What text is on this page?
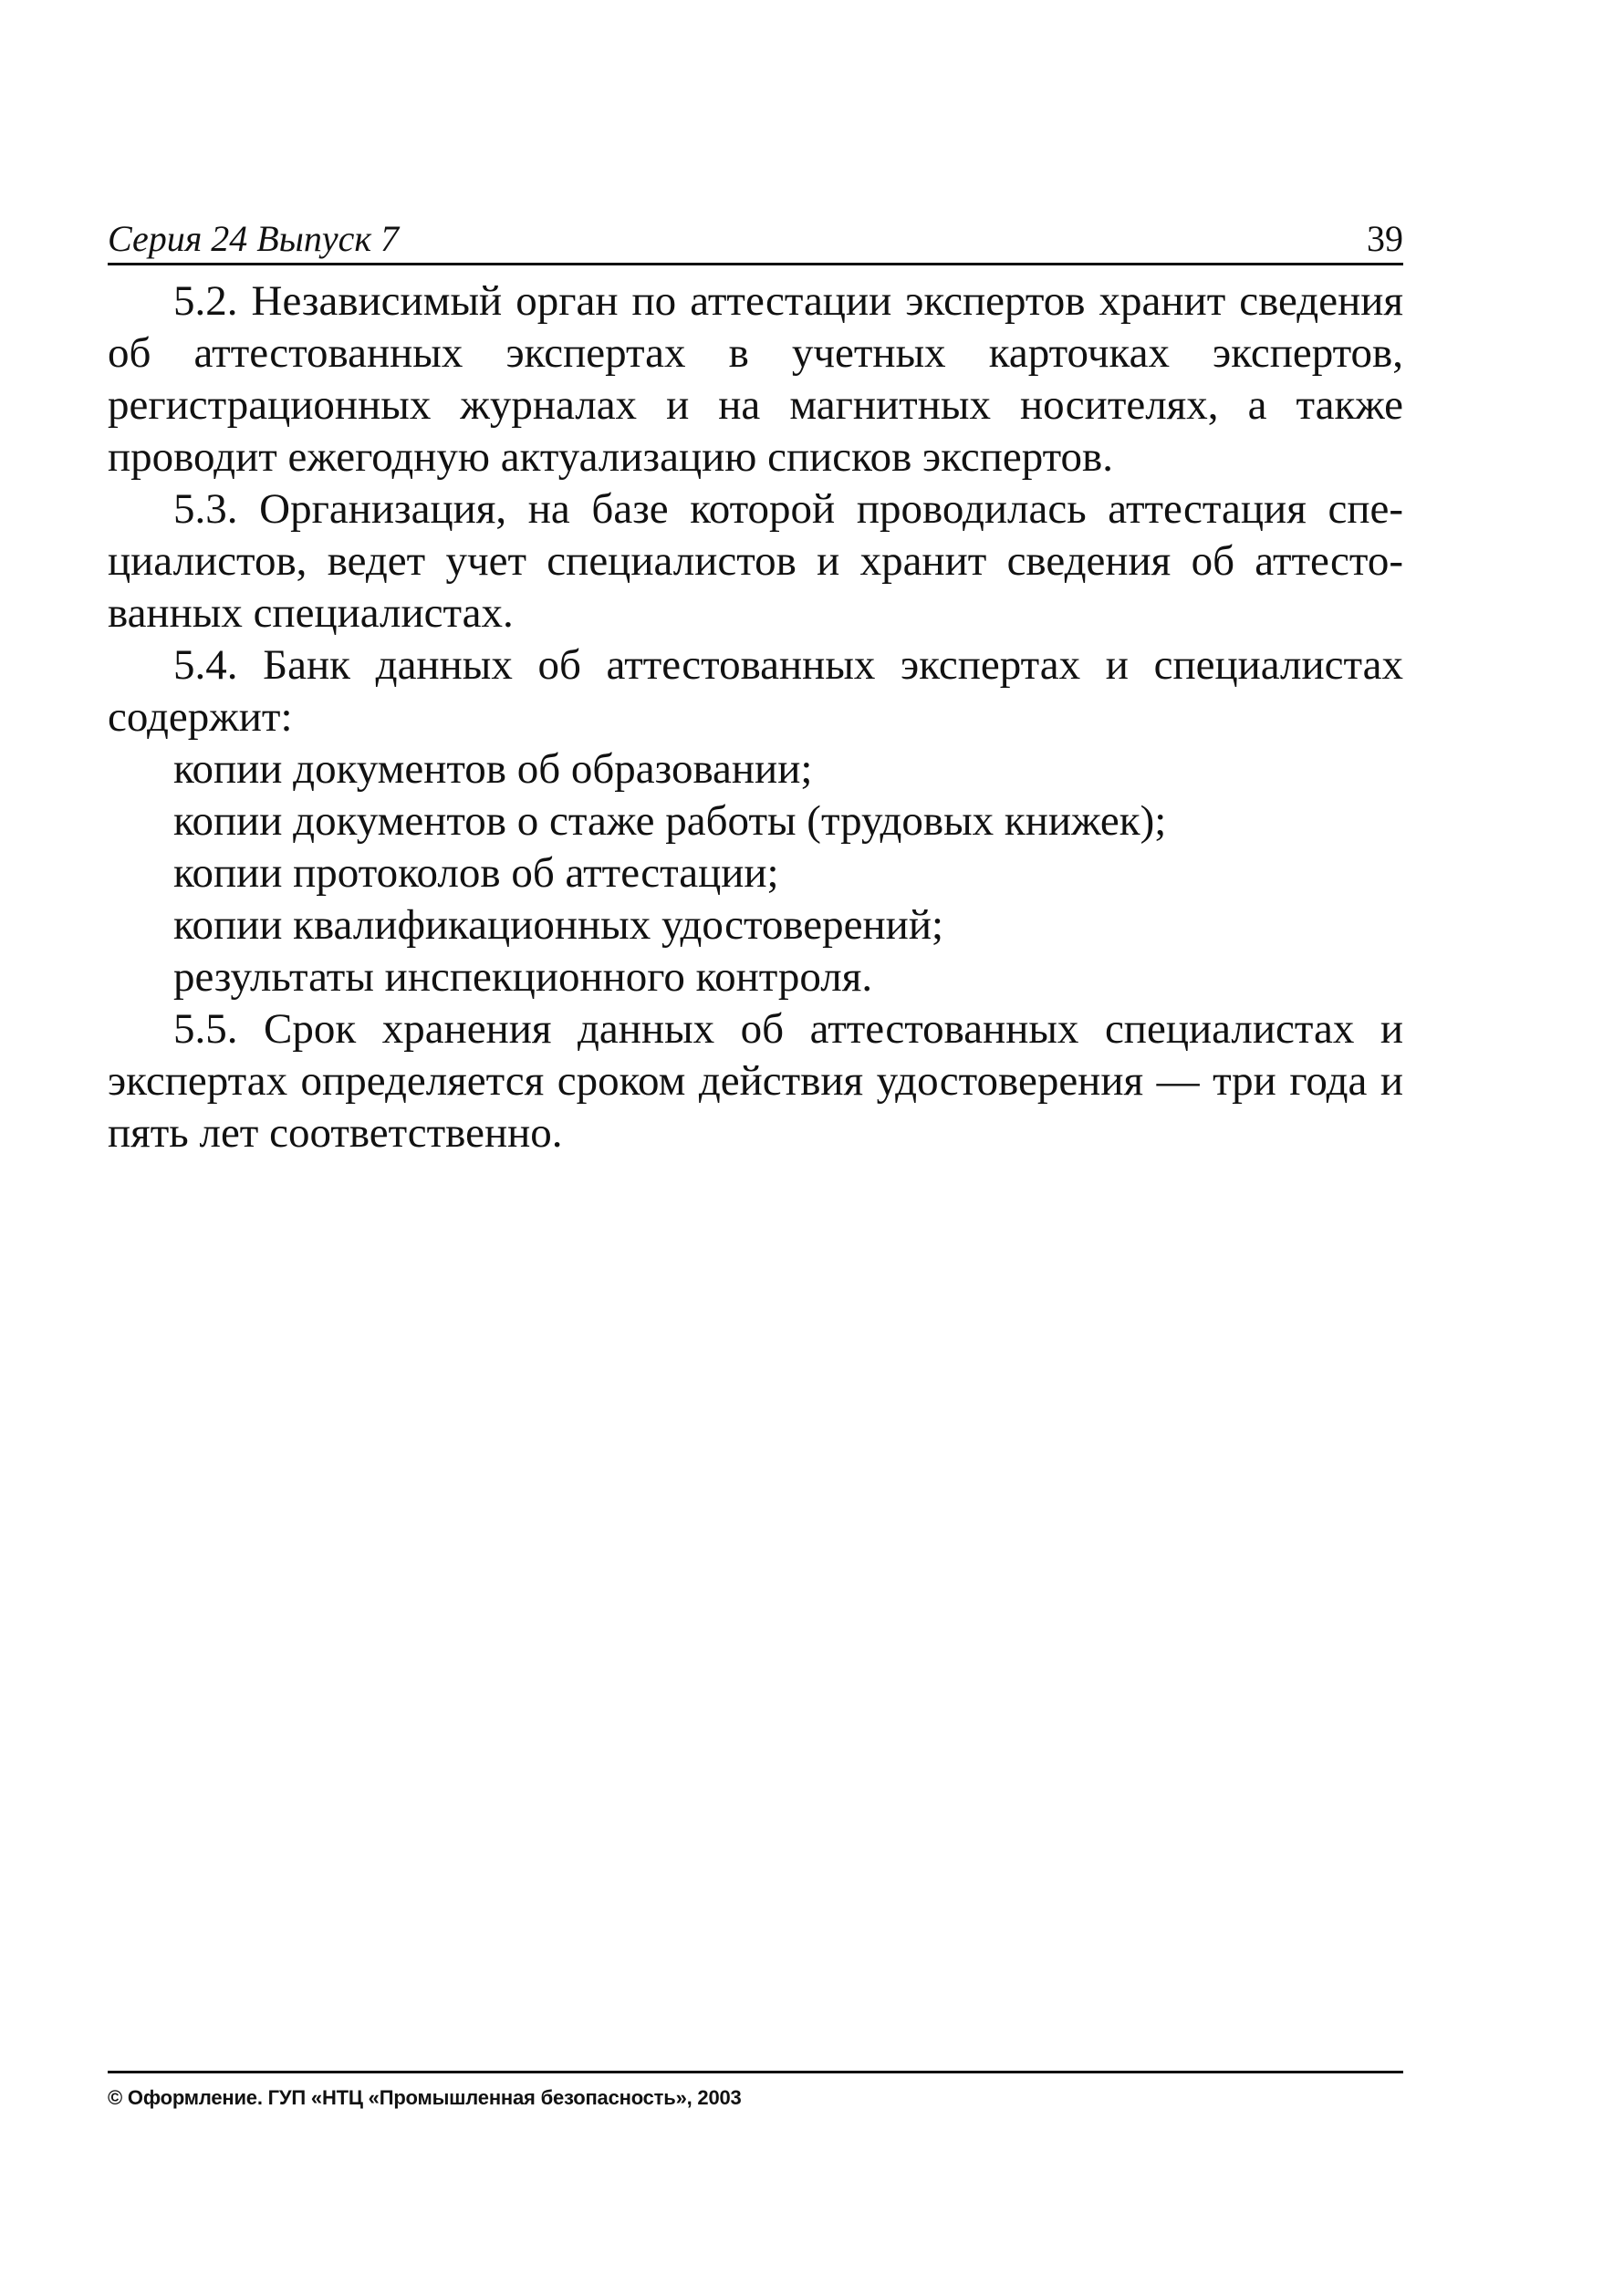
Серия 24 Выпуск 7	39

5.2. Независимый орган по аттестации экспертов хранит сведения об аттестованных экспертах в учетных карточках экспертов, регистрационных журналах и на магнитных носителях, а также проводит ежегодную актуализацию списков экспертов.

5.3. Организация, на базе которой проводилась аттестация специалистов, ведет учет специалистов и хранит сведения об аттестованных специалистах.

5.4. Банк данных об аттестованных экспертах и специалистах содержит:

копии документов об образовании;

копии документов о стаже работы (трудовых книжек);

копии протоколов об аттестации;

копии квалификационных удостоверений;

результаты инспекционного контроля.

5.5. Срок хранения данных об аттестованных специалистах и экспертах определяется сроком действия удостоверения — три года и пять лет соответственно.

© Оформление. ГУП «НТЦ «Промышленная безопасность», 2003
